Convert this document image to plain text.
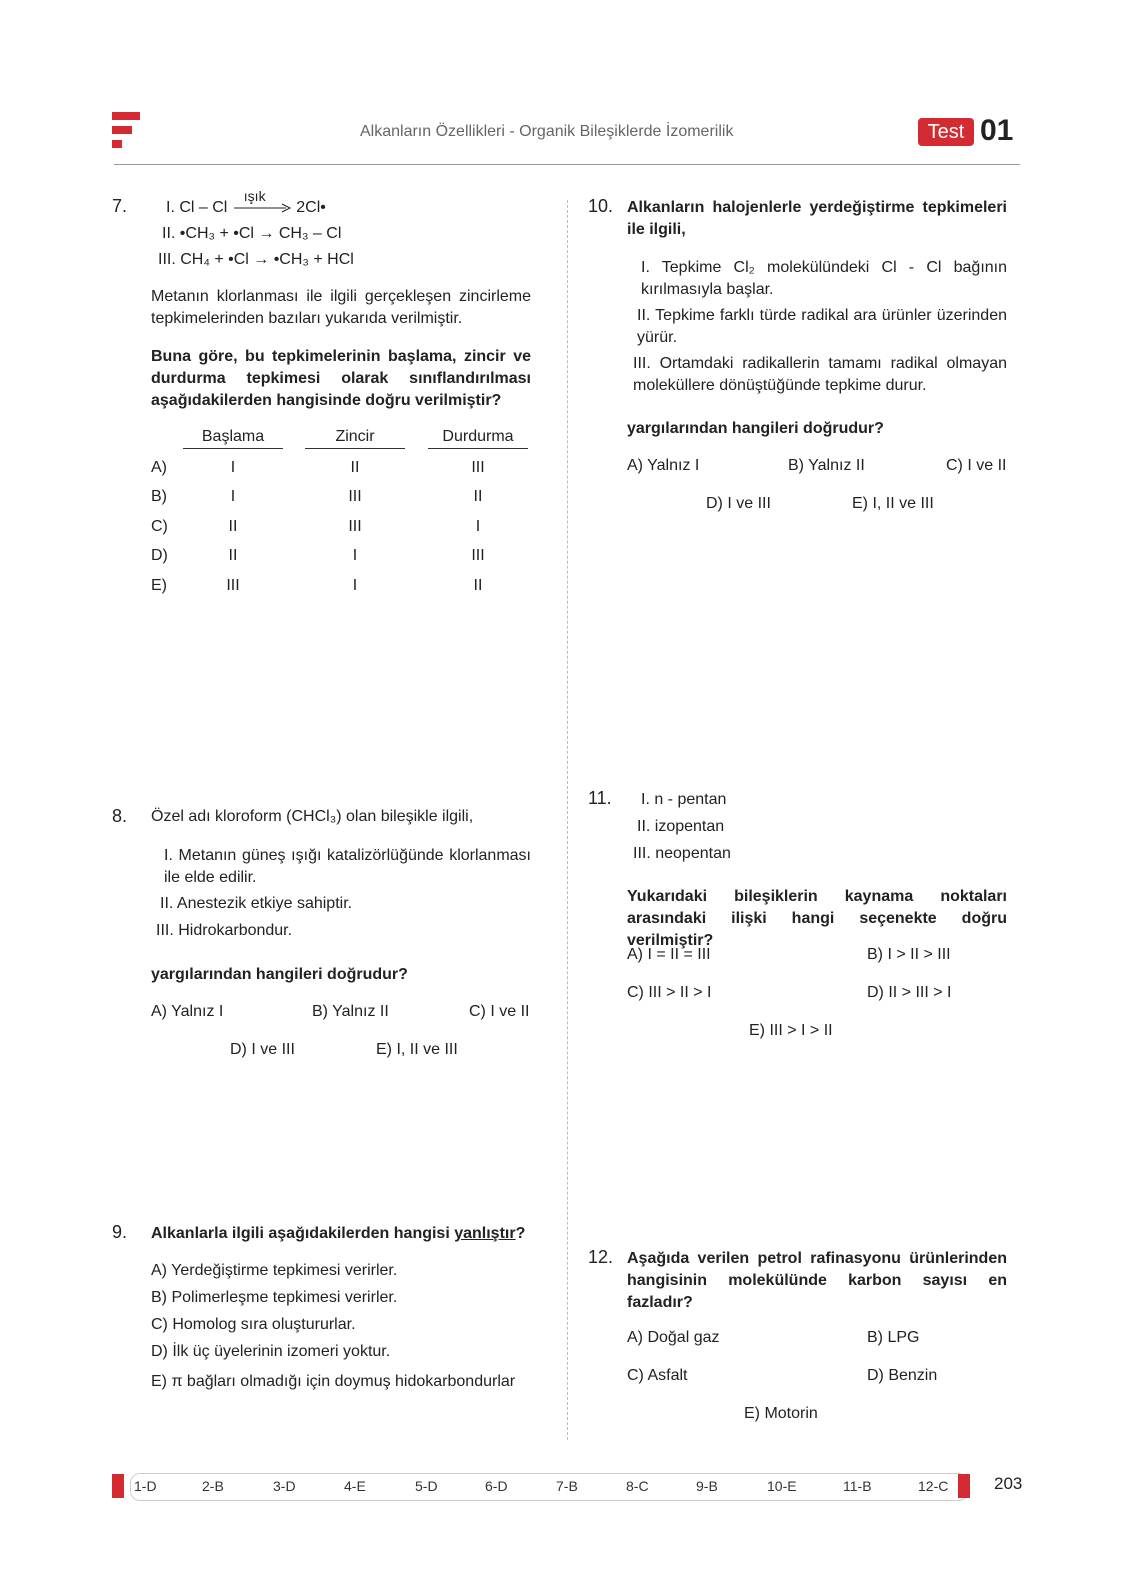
Alkanların Özellikleri - Organik Bileşiklerde İzomerilik	Test 01
7. I. Cl – Cl
ışık
2Cl•
II. •CH₃ + •Cl → CH₃ – Cl
III. CH₄ + •Cl → •CH₃ + HCl
Metanın klorlanması ile ilgili gerçekleşen zincirleme tepkimelerinden bazıları yukarıda verilmiştir.
Buna göre, bu tepkimelerinin başlama, zincir ve durdurma tepkimesi olarak sınıflandırılması aşağıdakilerden hangisinde doğru verilmiştir?
Başlama	Zincir	Durdurma
A)	I	II	III
B)	I	III	II
C)	II	III	I
D)	II	I	III
E)	III	I	II
8. Özel adı kloroform (CHCl₃) olan bileşikle ilgili,
I. Metanın güneş ışığı katalizörlüğünde klorlanması ile elde edilir.
II. Anestezik etkiye sahiptir.
III. Hidrokarbondur.
yargılarından hangileri doğrudur?
A) Yalnız I	B) Yalnız II	C) I ve II
D) I ve III	E) I, II ve III
9. Alkanlarla ilgili aşağıdakilerden hangisi yanlıştır?
A) Yerdeğiştirme tepkimesi verirler.
B) Polimerleşme tepkimesi verirler.
C) Homolog sıra oluştururlar.
D) İlk üç üyelerinin izomeri yoktur.
E) π bağları olmadığı için doymuş hidokarbondurlar
10. Alkanların halojenlerle yerdeğiştirme tepkimeleri ile ilgili,
I. Tepkime Cl₂ molekülündeki Cl - Cl bağının kırılmasıyla başlar.
II. Tepkime farklı türde radikal ara ürünler üzerinden yürür.
III. Ortamdaki radikallerin tamamı radikal olmayan moleküllere dönüştüğünde tepkime durur.
yargılarından hangileri doğrudur?
A) Yalnız I	B) Yalnız II	C) I ve II
D) I ve III	E) I, II ve III
11. I. n - pentan
II. izopentan
III. neopentan
Yukarıdaki bileşiklerin kaynama noktaları arasındaki ilişki hangi seçenekte doğru verilmiştir?
A) I = II = III	B) I > II > III
C) III > II > I	D) II > III > I
E) III > I > II
12. Aşağıda verilen petrol rafinasyonu ürünlerinden hangisinin molekülünde karbon sayısı en fazladır?
A) Doğal gaz	B) LPG
C) Asfalt	D) Benzin
E) Motorin
1-D	2-B	3-D	4-E	5-D	6-D	7-B	8-C	9-B	10-E	11-B	12-C	203
